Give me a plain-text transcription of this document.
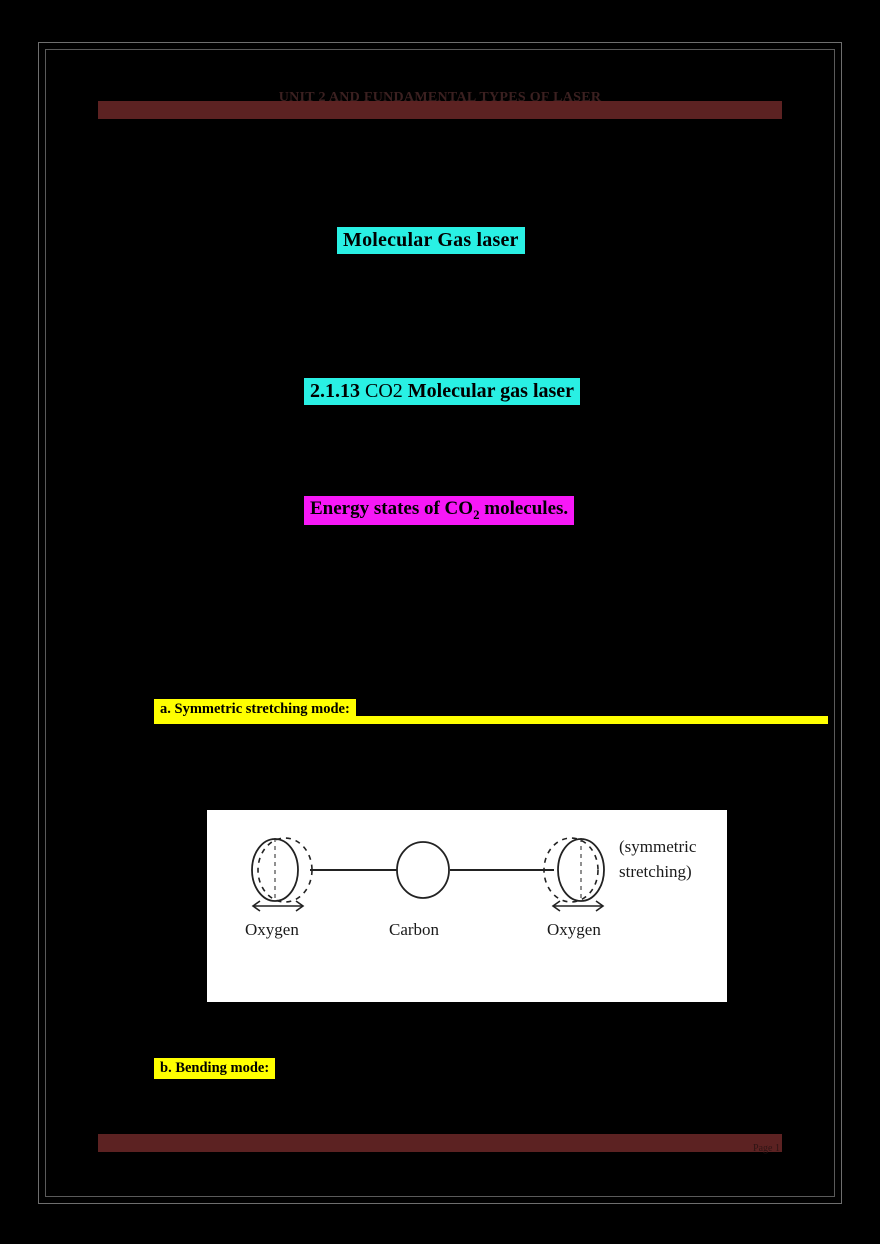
UNIT 2 AND FUNDAMENTAL TYPES OF LASER
Molecular Gas laser
2.1.13 CO2 Molecular gas laser
Energy states of $CO_2$ molecules.
a. Symmetric stretching mode:
(symmetric
stretching)
Oxygen	Carbon	Oxygen
b. Bending mode:
Page 1
